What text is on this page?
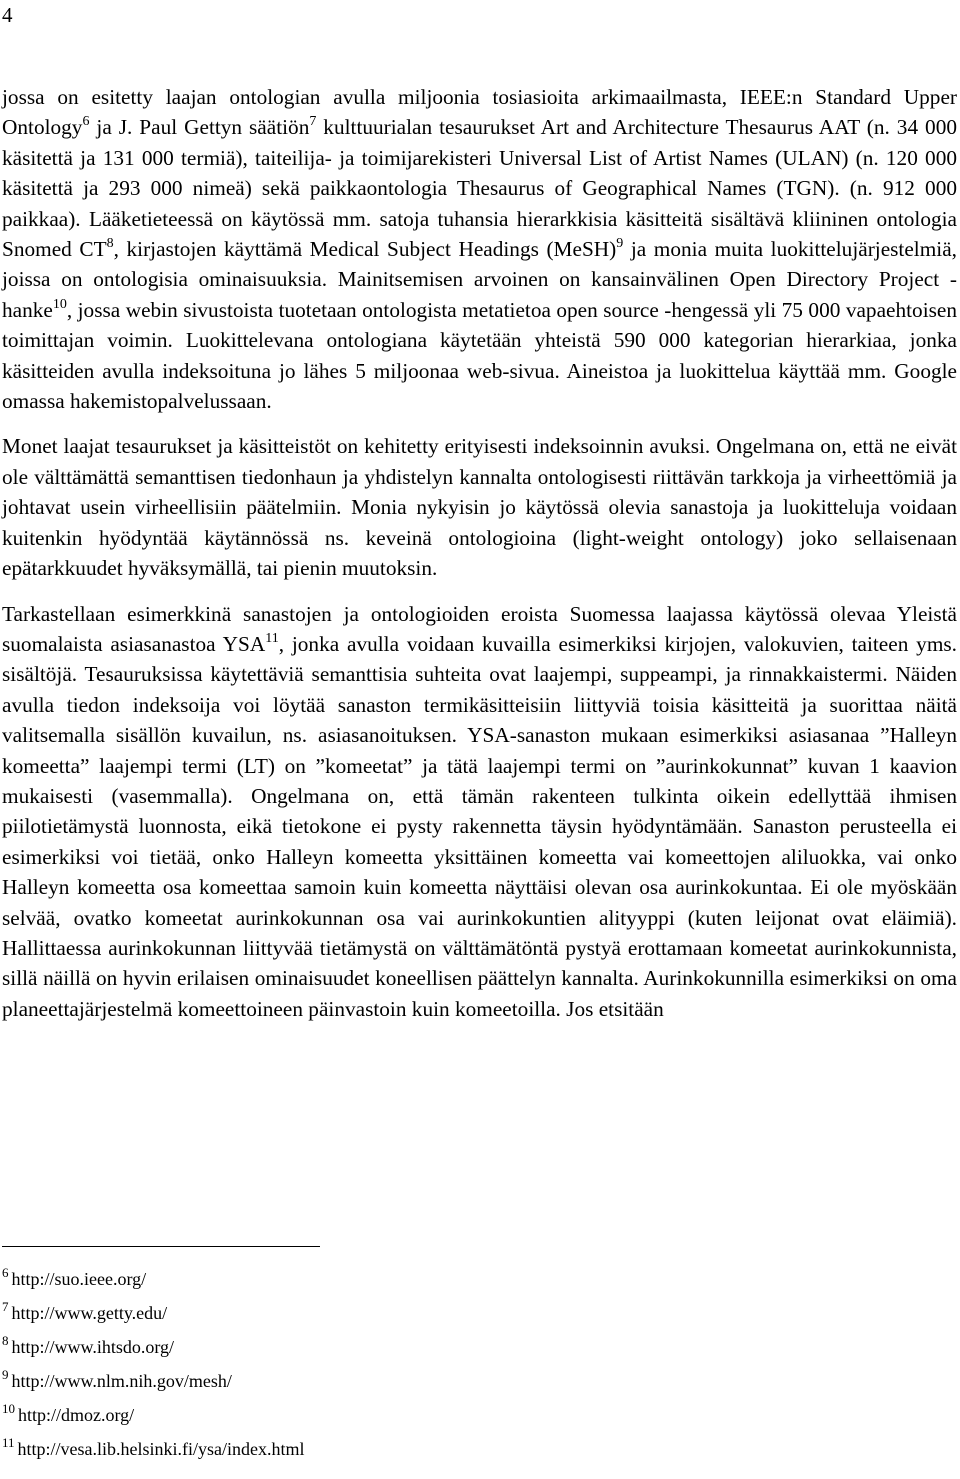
4

jossa on esitetty laajan ontologian avulla miljoonia tosiasioita arkimaailmasta, IEEE:n Standard Upper Ontology$^6$ ja J. Paul Gettyn säätiön$^7$ kulttuurialan tesaurukset Art and Architecture Thesaurus AAT (n. 34 000 käsitettä ja 131 000 termiä), taiteilija- ja toimijarekisteri Universal List of Artist Names (ULAN) (n. 120 000 käsitettä ja 293 000 nimeä) sekä paikkaontologia Thesaurus of Geographical Names (TGN). (n. 912 000 paikkaa). Lääketieteessä on käytössä mm. satoja tuhansia hierarkkisia käsitteitä sisältävä kliininen ontologia Snomed $CT^8$, kirjastojen käyttämä Medical Subject Headings (MeSH)$^9$ ja monia muita luokittelujärjestelmiä, joissa on ontologisia ominaisuuksia. Mainitsemisen arvoinen on kansainvälinen Open Directory Project -hanke$^{10}$, jossa webin sivustoista tuotetaan ontologista metatietoa open source -hengessä yli 75 000 vapaehtoisen toimittajan voimin. Luokittelevana ontologiana käytetään yhteistä 590 000 kategorian hierarkiaa, jonka käsitteiden avulla indeksoituna jo lähes 5 miljoonaa web-sivua. Aineistoa ja luokittelua käyttää mm. Google omassa hakemistopalvelussaan.

Monet laajat tesaurukset ja käsitteistöt on kehitetty erityisesti indeksoinnin avuksi. Ongelmana on, että ne eivät ole välttämättä semanttisen tiedonhaun ja yhdistelyn kannalta ontologisesti riittävän tarkkoja ja virheettömiä ja johtavat usein virheellisiin päätelmiin. Monia nykyisin jo käytössä olevia sanastoja ja luokitteluja voidaan kuitenkin hyödyntää käytännössä ns. keveinä ontologioina (light-weight ontology) joko sellaisenaan epätarkkuudet hyväksymällä, tai pienin muutoksin.

Tarkastellaan esimerkkinä sanastojen ja ontologioiden eroista Suomessa laajassa käytössä olevaa Yleistä suomalaista asiasanastoa YSA$^{11}$, jonka avulla voidaan kuvailla esimerkiksi kirjojen, valokuvien, taiteen yms. sisältöjä. Tesauruksissa käytettäviä semanttisia suhteita ovat laajempi, suppeampi, ja rinnakkaistermi. Näiden avulla tiedon indeksoija voi löytää sanaston termikäsitteisiin liittyviä toisia käsitteitä ja suorittaa näitä valitsemalla sisällön kuvailun, ns. asiasanoituksen. YSA-sanaston mukaan esimerkiksi asiasanaa ”Halleyn komeetta” laajempi termi (LT) on ”komeetat” ja tätä laajempi termi on ”aurinkokunnat” kuvan 1 kaavion mukaisesti (vasemmalla). Ongelmana on, että tämän rakenteen tulkinta oikein edellyttää ihmisen piilotietämystä luonnosta, eikä tietokone ei pysty rakennetta täysin hyödyntämään. Sanaston perusteella ei esimerkiksi voi tietää, onko Halleyn komeetta yksittäinen komeetta vai komeettojen aliluokka, vai onko Halleyn komeetta osa komeettaa samoin kuin komeetta näyttäisi olevan osa aurinkokuntaa. Ei ole myöskään selvää, ovatko komeetat aurinkokunnan osa vai aurinkokuntien alityyppi (kuten leijonat ovat eläimiä). Hallittaessa aurinkokunnan liittyvää tietämystä on välttämätöntä pystyä erottamaan komeetat aurinkokunnista, sillä näillä on hyvin erilaisen ominaisuudet koneellisen päättelyn kannalta. Aurinkokunnilla esimerkiksi on oma planeettajärjestelmä komeettoineen päinvastoin kuin komeetoilla. Jos etsitään

$^6$ http://suo.ieee.org/
$^7$ http://www.getty.edu/
$^8$ http://www.ihtsdo.org/
$^9$ http://www.nlm.nih.gov/mesh/
$^{10}$ http://dmoz.org/
$^{11}$ http://vesa.lib.helsinki.fi/ysa/index.html
